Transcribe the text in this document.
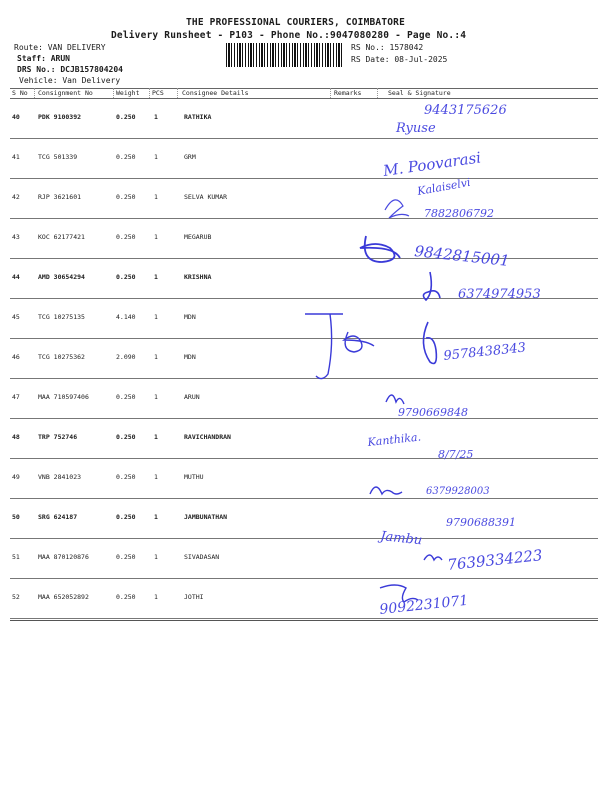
THE PROFESSIONAL COURIERS, COIMBATORE
Delivery Runsheet - P103 - Phone No.:9047080280 - Page No.:4
Route: VAN DELIVERY
Staff: ARUN
DRS No.: DCJB157804204
Vehicle: Van Delivery
RS No.: 1578042
RS Date: 08-Jul-2025
S No Consignment No	Weight PCS	Consignee Details	Remarks	Seal & Signature
40	PDK 9100392	0.250	1	RATHIKA
41	TCG 501339	0.250	1	GRM
42	RJP 3621601	0.250	1	SELVA KUMAR
43	KOC 62177421	0.250	1	MEGARUB
44	AMD 30654294	0.250	1	KRISHNA
45	TCG 10275135	4.140	1	MDN
46	TCG 10275362	2.090	1	MDN
47	MAA 710597406	0.250	1	ARUN
48	TRP 752746	0.250	1	RAVICHANDRAN
49	VNB 2841023	0.250	1	MUTHU
50	SRG 624187	0.250	1	JAMBUNATHAN
51	MAA 870120876	0.250	1	SIVADASAN
52	MAA 652052892	0.250	1	JOTHI
9443175626
Ryuse
M. Poovarasi
Kalaiselvi
7882806792
9842815001
6374974953
9578438343
9790669848
Kanthika.
8/7/25
6379928003
Jambu
9790688391
7639334223
9092231071
